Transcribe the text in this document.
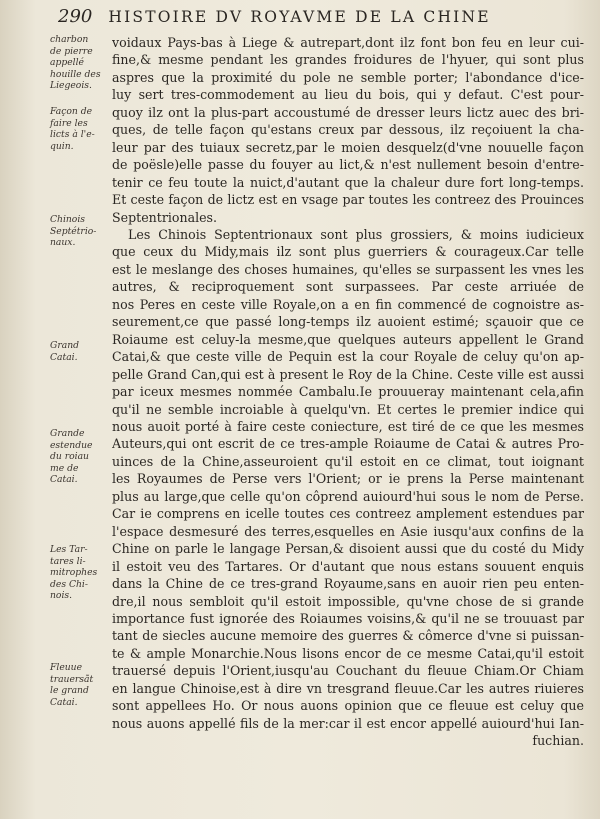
290 HISTOIRE DV ROYAVME DE LA CHINE
charbon
de pierre
appellé
houille des
Liegeois.
Façon de
faire les
licts à l'e-
quin.
Chinois
Septétrio-
naux.
Grand
Catai.
Grande
estendue
du roiau
me de
Catai.
Les Tar-
tares li-
mitrophes
des Chi-
nois.
Fleuue
trauersãt
le grand
Catai.
voidaux Pays-bas à Liege & autrepart,dont ilz font bon feu en leur cui-
fine,& mesme pendant les grandes froidures de l'hyuer, qui sont plus
aspres que la proximité du pole ne semble porter; l'abondance d'ice-
luy sert tres-commodement au lieu du bois, qui y defaut. C'est pour-
quoy ilz ont la plus-part accoustumé de dresser leurs lictz auec des bri-
ques, de telle façon qu'estans creux par dessous, ilz reçoiuent la cha-
leur par des tuiaux secretz,par le moien desquelz(d'vne nouuelle façon
de poësle)elle passe du fouyer au lict,& n'est nullement besoin d'entre-
tenir ce feu toute la nuict,d'autant que la chaleur dure fort long-temps.
Et ceste façon de lictz est en vsage par toutes les contreez des Prouinces
Septentrionales.
Les Chinois Septentrionaux sont plus grossiers, & moins iudicieux
que ceux du Midy,mais ilz sont plus guerriers & courageux.Car telle
est le meslange des choses humaines, qu'elles se surpassent les vnes les
autres, & reciproquement sont surpassees. Par ceste arriuée de
nos Peres en ceste ville Royale,on a en fin commencé de cognoistre as-
seurement,ce que passé long-temps ilz auoient estimé; sçauoir que ce
Roiaume est celuy-la mesme,que quelques auteurs appellent le Grand
Catai,& que ceste ville de Pequin est la cour Royale de celuy qu'on ap-
pelle Grand Can,qui est à present le Roy de la Chine. Ceste ville est aussi
par iceux mesmes nommée Cambalu.Ie prouueray maintenant cela,afin
qu'il ne semble incroiable à quelqu'vn. Et certes le premier indice qui
nous auoit porté à faire ceste coniecture, est tiré de ce que les mesmes
Auteurs,qui ont escrit de ce tres-ample Roiaume de Catai & autres Pro-
uinces de la Chine,asseuroient qu'il estoit en ce climat, tout ioignant
les Royaumes de Perse vers l'Orient; or ie prens la Perse maintenant
plus au large,que celle qu'on côprend auiourd'hui sous le nom de Perse.
Car ie comprens en icelle toutes ces contreez amplement estendues par
l'espace desmesuré des terres,esquelles en Asie iusqu'aux confins de la
Chine on parle le langage Persan,& disoient aussi que du costé du Midy
il estoit veu des Tartares. Or d'autant que nous estans souuent enquis
dans la Chine de ce tres-grand Royaume,sans en auoir rien peu enten-
dre,il nous sembloit qu'il estoit impossible, qu'vne chose de si grande
importance fust ignorée des Roiaumes voisins,& qu'il ne se trouuast par
tant de siecles aucune memoire des guerres & cômerce d'vne si puissan-
te & ample Monarchie.Nous lisons encor de ce mesme Catai,qu'il estoit
trauersé depuis l'Orient,iusqu'au Couchant du fleuue Chiam.Or Chiam
en langue Chinoise,est à dire vn tresgrand fleuue.Car les autres riuieres
sont appellees Ho. Or nous auons opinion que ce fleuue est celuy que
nous auons appellé fils de la mer:car il est encor appellé auiourd'hui Ian-
fuchian.
